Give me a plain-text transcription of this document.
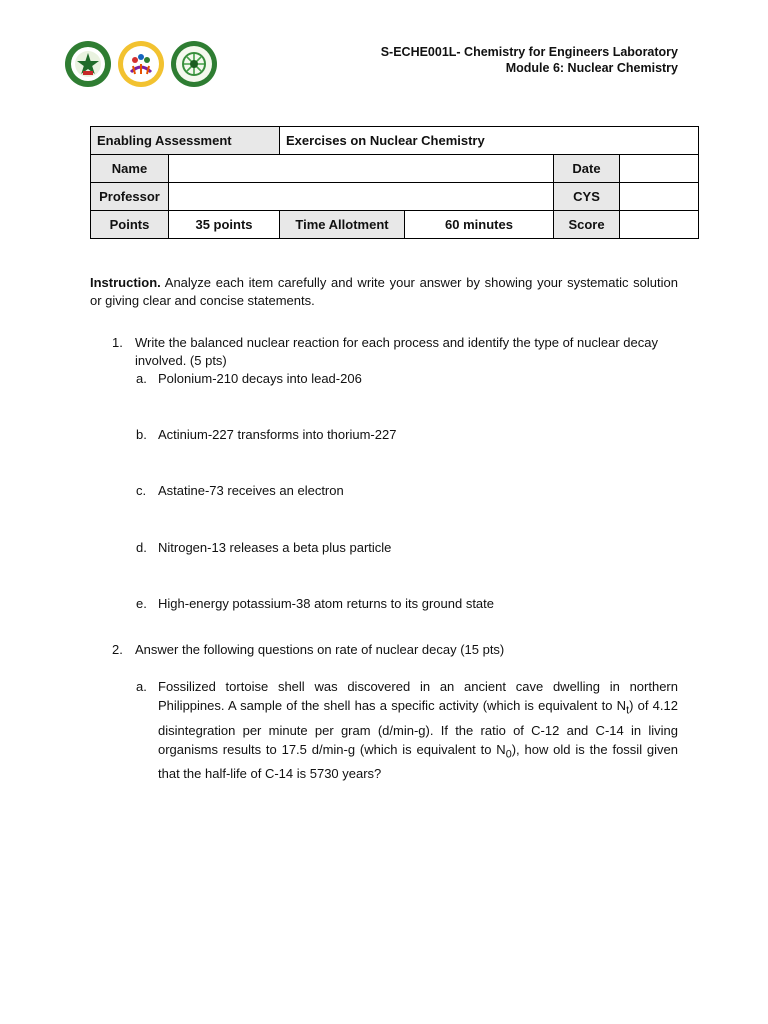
S-ECHE001L- Chemistry for Engineers Laboratory
Module 6: Nuclear Chemistry
Enabling Assessment		Exercises on Nuclear Chemistry			
Name				Date	
Professor				CYS	
Points	35 points	Time Allotment	60 minutes	Score	

Instruction. Analyze each item carefully and write your answer by showing your systematic solution or giving clear and concise statements.

1. Write the balanced nuclear reaction for each process and identify the type of nuclear decay involved. (5 pts)
a. Polonium-210 decays into lead-206
b. Actinium-227 transforms into thorium-227
c. Astatine-73 receives an electron
d. Nitrogen-13 releases a beta plus particle
e. High-energy potassium-38 atom returns to its ground state
2. Answer the following questions on rate of nuclear decay (15 pts)
a. Fossilized tortoise shell was discovered in an ancient cave dwelling in northern Philippines. A sample of the shell has a specific activity (which is equivalent to $N_t$) of 4.12 disintegration per minute per gram (d/min-g). If the ratio of C-12 and C-14 in living organisms results to 17.5 d/min-g (which is equivalent to $N_0$), how old is the fossil given that the half-life of C-14 is 5730 years?
